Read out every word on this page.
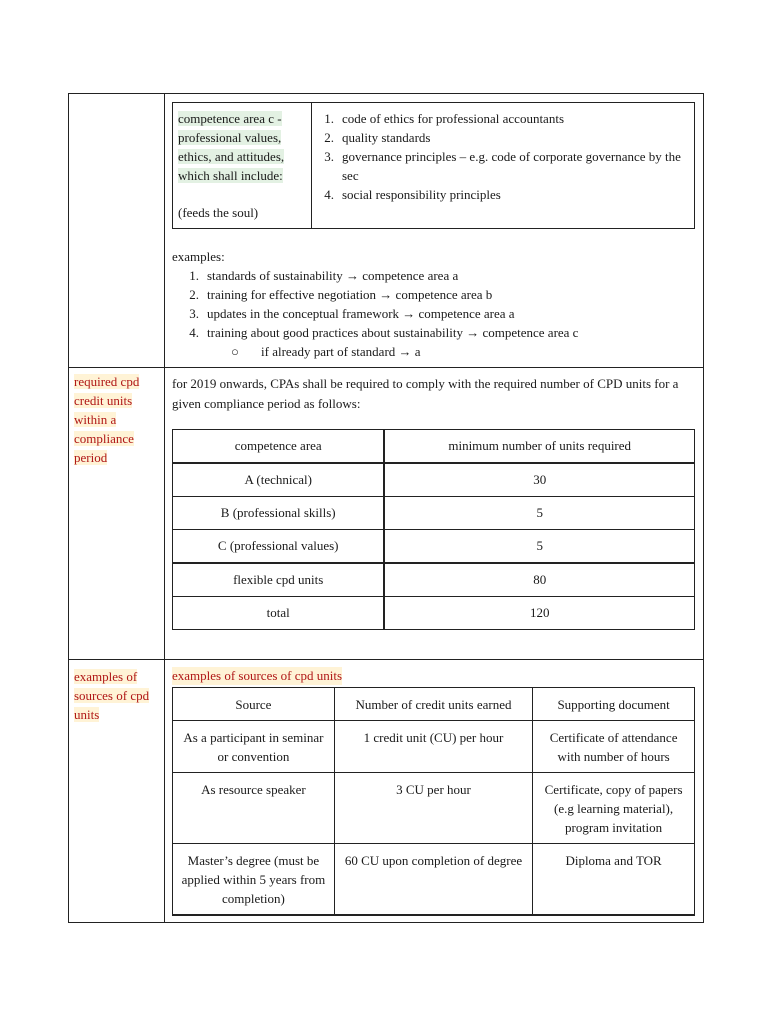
competence area c -
professional values,
ethics, and attitudes,
which shall include:

(feeds the soul)
1. code of ethics for professional accountants
2. quality standards
3. governance principles – e.g. code of corporate governance by the sec
4. social responsibility principles
examples:
1. standards of sustainability → competence area a
2. training for effective negotiation → competence area b
3. updates in the conceptual framework → competence area a
4. training about good practices about sustainability → competence area c
○	if already part of standard → a
required cpd
credit units
within a
compliance
period

for 2019 onwards, CPAs shall be required to comply with the required number of CPD units for a given compliance period as follows:

competence area	minimum number of units required
A (technical)	30
B (professional skills)	5
C (professional values)	5
flexible cpd units	80
total	120
examples of
sources of cpd
units
examples of sources of cpd units
Source	Number of credit units earned	Supporting document
As a participant in seminar or convention	1 credit unit (CU) per hour	Certificate of attendance with number of hours
As resource speaker	3 CU per hour	Certificate, copy of papers (e.g learning material), program invitation
Master’s degree (must be applied within 5 years from completion)	60 CU upon completion of degree	Diploma and TOR
